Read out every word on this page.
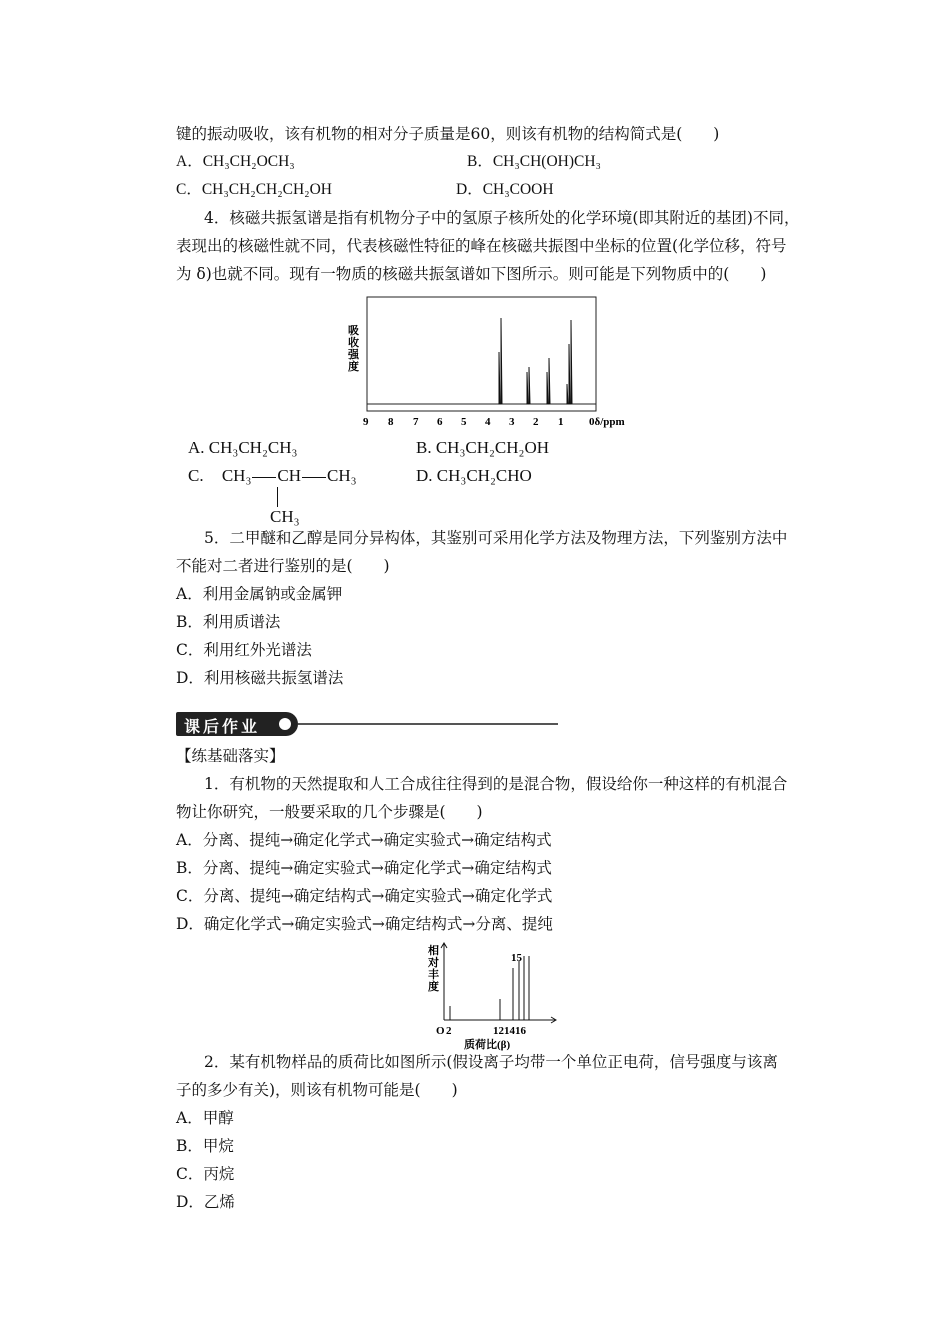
键的振动吸收，该有机物的相对分子质量是60，则该有机物的结构简式是(　　)
A．CH₃CH₂OCH₃	B．CH₃CH(OH)CH₃
C．CH₃CH₂CH₂CH₂OH	D．CH₃COOH
4．核磁共振氢谱是指有机物分子中的氢原子核所处的化学环境(即其附近的基团)不同，
表现出的核磁性就不同，代表核磁性特征的峰在核磁共振图中坐标的位置(化学位移，符号
为 δ)也就不同。现有一物质的核磁共振氢谱如下图所示。则可能是下列物质中的(　　)
吸
收
强
度
9 8 7 6 5 4 3 2 1 0δ/ppm
A. CH₃CH₂CH₃	B. CH₃CH₂CH₂OH
C. CH₃ CH CH₃
CH₃
D. CH₃CH₂CHO
5．二甲醚和乙醇是同分异构体，其鉴别可采用化学方法及物理方法，下列鉴别方法中
不能对二者进行鉴别的是(　　)
A．利用金属钠或金属钾
B．利用质谱法
C．利用红外光谱法
D．利用核磁共振氢谱法
课后作业
【练基础落实】
1．有机物的天然提取和人工合成往往得到的是混合物，假设给你一种这样的有机混合
物让你研究，一般要采取的几个步骤是(　　)
A．分离、提纯→确定化学式→确定实验式→确定结构式
B．分离、提纯→确定实验式→确定化学式→确定结构式
C．分离、提纯→确定结构式→确定实验式→确定化学式
D．确定化学式→确定实验式→确定结构式→分离、提纯
相
对
丰
度
15
O 2	121416
质荷比(β)
2．某有机物样品的质荷比如图所示(假设离子均带一个单位正电荷，信号强度与该离
子的多少有关)，则该有机物可能是(　　)
A．甲醇
B．甲烷
C．丙烷
D．乙烯
